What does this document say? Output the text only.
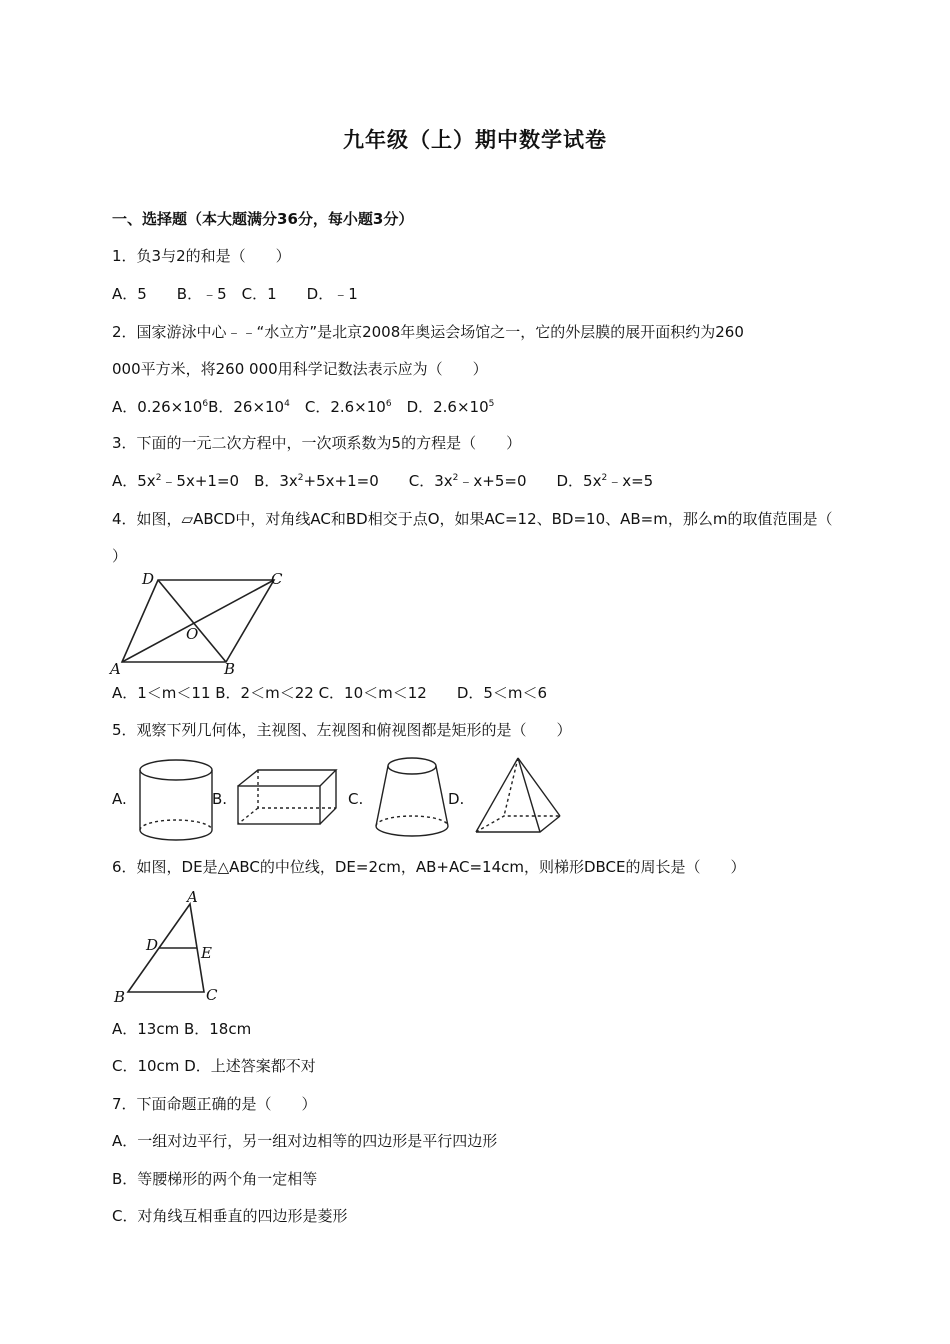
九年级（上）期中数学试卷
一、选择题（本大题满分36分，每小题3分）
1．负3与2的和是（　　）
A．5　　B．﹣5　C．1　　D．﹣1
2．国家游泳中心﹣﹣“水立方”是北京2008年奥运会场馆之一，它的外层膜的展开面积约为260
000平方米，将260 000用科学记数法表示应为（　　）
A．$0.26\times 10^6B$．$26\times 10^4$　C．$2.6\times 10^6$　D．$2.6\times 10^5$
3．下面的一元二次方程中，一次项系数为5的方程是（　　）
A．$5x^2﹣5x+1=0$　B．$3x^2+5x+1=0$　　C．$3x^2﹣x+5=0$　　D．$5x^2﹣x=5$
4．如图，▱ABCD中，对角线AC和BD相交于点O，如果AC=12、BD=10、AB=m，那么m的取值范围是（
）
A	B
C
D
O
A．1＜m＜11 B．2＜m＜22 C．10＜m＜12　　D．5＜m＜6
5．观察下列几何体，主视图、左视图和俯视图都是矩形的是（　　）
A.	B.	C.	D.
6．如图，DE是△ABC的中位线，DE=2cm，AB+AC=14cm，则梯形DBCE的周长是（　　）
A
B	C
D	E
A．13cm B．18cm
C．10cm D．上述答案都不对
7．下面命题正确的是（　　）
A．一组对边平行，另一组对边相等的四边形是平行四边形
B．等腰梯形的两个角一定相等
C．对角线互相垂直的四边形是菱形
